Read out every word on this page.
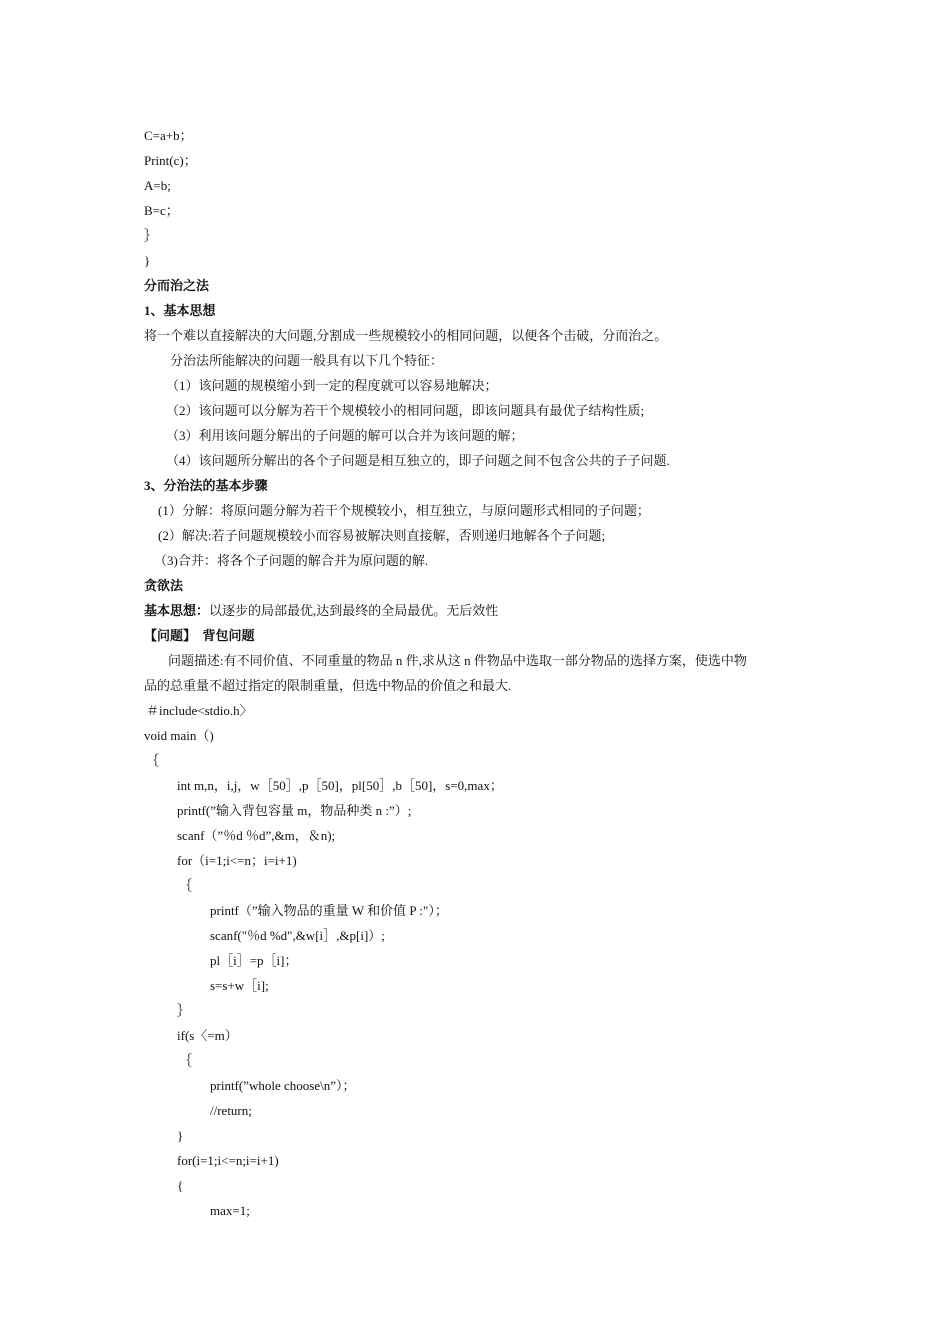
C=a+b；
Print(c)；
A=b;
B=c；
｝
}
分而治之法
1、基本思想
将一个难以直接解决的大问题,分割成一些规模较小的相同问题，以便各个击破，分而治之。
分治法所能解决的问题一般具有以下几个特征：
（1）该问题的规模缩小到一定的程度就可以容易地解决；
（2）该问题可以分解为若干个规模较小的相同问题，即该问题具有最优子结构性质;
（3）利用该问题分解出的子问题的解可以合并为该问题的解；
（4）该问题所分解出的各个子问题是相互独立的，即子问题之间不包含公共的子子问题.
3、分治法的基本步骤
(1）分解：将原问题分解为若干个规模较小，相互独立，与原问题形式相同的子问题；
(2）解决:若子问题规模较小而容易被解决则直接解，否则递归地解各个子问题;
（3)合并：将各个子问题的解合并为原问题的解.
贪欲法
基本思想：以逐步的局部最优,达到最终的全局最优。无后效性
【问题】  背包问题
问题描述:有不同价值、不同重量的物品 n 件,求从这 n 件物品中选取一部分物品的选择方案，使选中物
品的总重量不超过指定的限制重量，但选中物品的价值之和最大.
＃include<stdio.h〉
void main（)
｛
int m,n，i,j，w［50］,p［50]，pl[50］,b［50]，s=0,max；
printf(”输入背包容量 m，物品种类 n :”）;
scanf（”％d ％d”,&m，＆n);
for（i=1;i<=n；i=i+1)
｛
printf（”输入物品的重量 W 和价值 P :"）；
scanf("％d %d",&w[i］,&p[i]）;
pl［i］=p［i]；
s=s+w［i];
｝
if(s〈=m）
｛
printf(”whole choose\n”）；
//return;
}
for(i=1;i<=n;i=i+1)
{
max=1;
